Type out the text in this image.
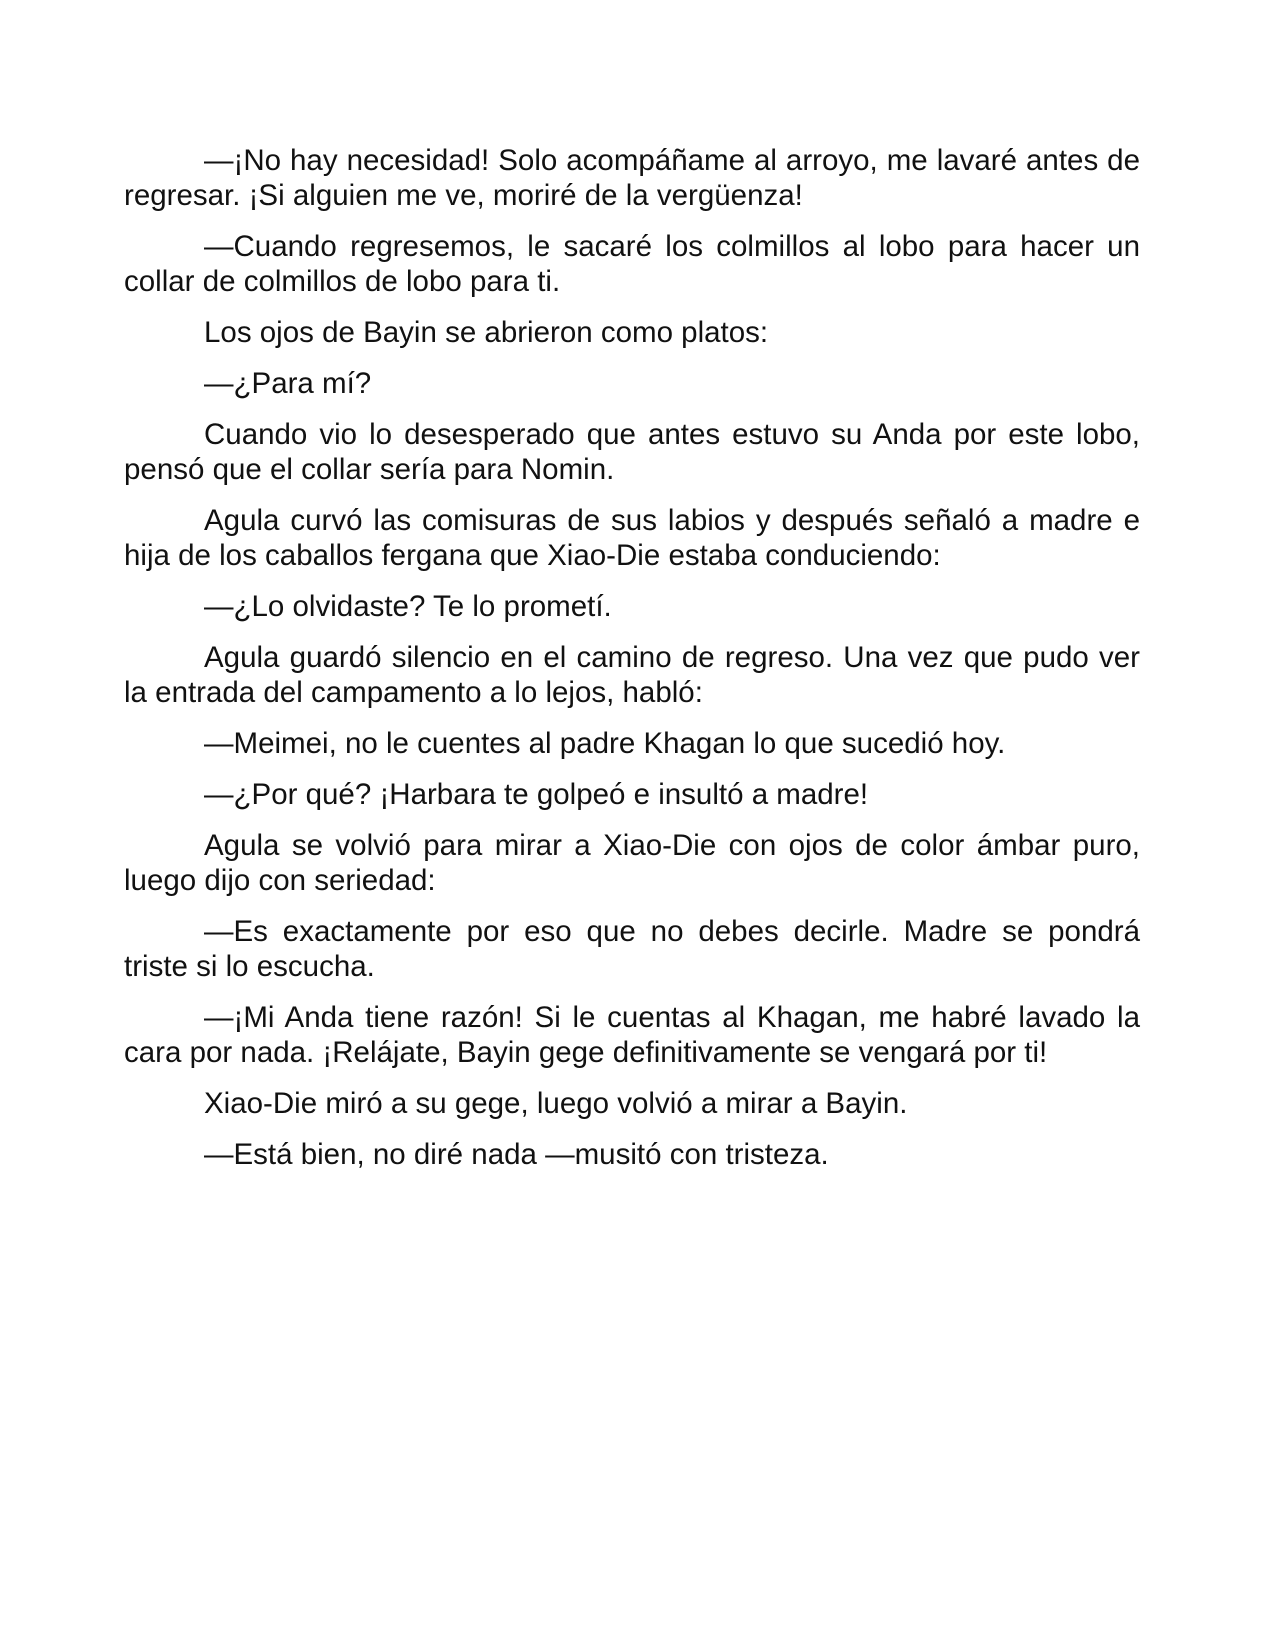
—¡No hay necesidad! Solo acompáñame al arroyo, me lavaré antes de regresar. ¡Si alguien me ve, moriré de la vergüenza!

—Cuando regresemos, le sacaré los colmillos al lobo para hacer un collar de colmillos de lobo para ti.

Los ojos de Bayin se abrieron como platos:

—¿Para mí?

Cuando vio lo desesperado que antes estuvo su Anda por este lobo, pensó que el collar sería para Nomin.

Agula curvó las comisuras de sus labios y después señaló a madre e hija de los caballos fergana que Xiao-Die estaba conduciendo:

—¿Lo olvidaste? Te lo prometí.

Agula guardó silencio en el camino de regreso. Una vez que pudo ver la entrada del campamento a lo lejos, habló:

—Meimei, no le cuentes al padre Khagan lo que sucedió hoy.

—¿Por qué? ¡Harbara te golpeó e insultó a madre!

Agula se volvió para mirar a Xiao-Die con ojos de color ámbar puro, luego dijo con seriedad:

—Es exactamente por eso que no debes decirle. Madre se pondrá triste si lo escucha.

—¡Mi Anda tiene razón! Si le cuentas al Khagan, me habré lavado la cara por nada. ¡Relájate, Bayin gege definitivamente se vengará por ti!

Xiao-Die miró a su gege, luego volvió a mirar a Bayin.

—Está bien, no diré nada —musitó con tristeza.
